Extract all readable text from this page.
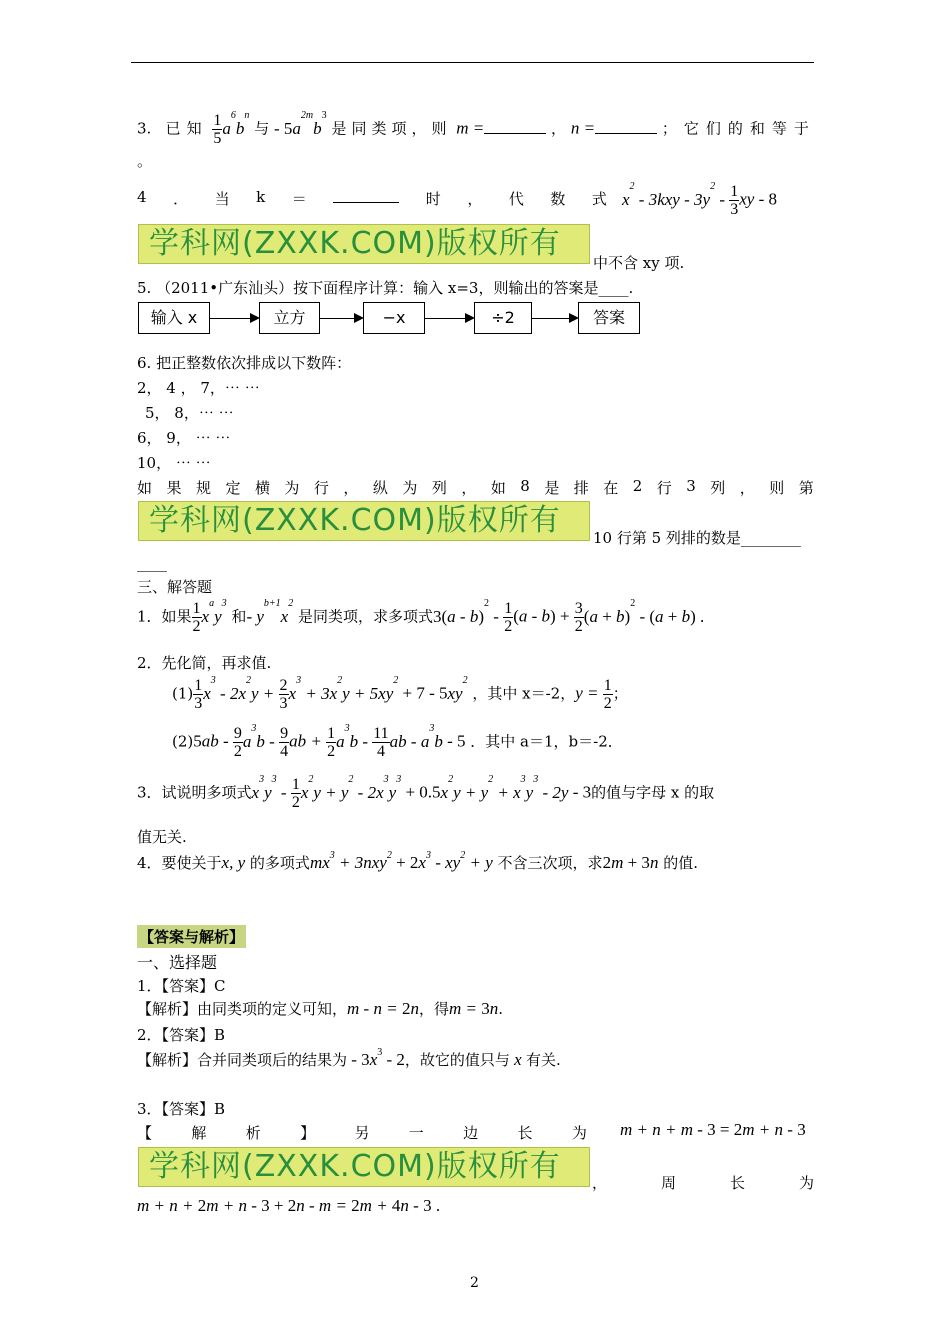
3. 已知 $\frac{1}{5} a^6b^n$ 与 - $5a^{2m}b^3$ 是同类项，则 m =	， n =	；它们的和等于
。
4 ． 当 k ＝	时 ， 代 数 式 $x^2 - 3kxy - 3y^2 - \frac{1}{3}$ xy - 8
学科网(ZXXK.COM)版权所有
中不含 xy 项.
5. （2011•广东汕头）按下面程序计算：输入 x=3，则输出的答案是____.
输入 x	立方	−x	÷2	答案
6. 把正整数依次排成以下数阵：
2， 4 ， 7，⋯ ⋯
5， 8，⋯ ⋯
6， 9， ⋯ ⋯
10， ⋯ ⋯
如 果 规 定 横 为 行 ， 纵 为 列 ， 如 8 是 排 在 2 行 3 列 ， 则 第
学科网(ZXXK.COM)版权所有	10 行第 5 列排的数是________
____
三、解答题
1．如果 $\frac{1}{2} x^ay^3$ 和- $y^{b+1}x^2$ 是同类项，求多项式$3(a - b)^2 - \frac{1}{2} (a - b) + \frac{3}{2} (a + b)^2 - (a + b)$ .
2．先化简，再求值.
$(1) \frac{1}{3} x^3 - 2x^2y + \frac{2}{3} x^3 + 3x^2y + 5xy^2 + 7 - 5xy^2$ ，其中 x＝-2，$y = \frac{1}{2}$ ；
$(2)5ab - \frac{9}{2} a^3b - \frac{9}{4}$ ab + $\frac{1}{2} a^3b - \frac{11}{4}$ ab - $a^3b - 5$ ．其中 a＝1，b＝-2．
3．试说明多项式$x^3y^3 - \frac{1}{2} x^2y + y^2 - 2x^3y^3 + 0.5x^2y + y^2 + x^3y^3 - 2y - 3$的值与字母 x 的取
值无关.
4．要使关于x, y 的多项式$mx^3 + 3nxy^2 + 2x^3 - xy^2 + y$ 不含三次项，求2m + 3n 的值.
【答案与解析】
一、选择题
1．【答案】C
【解析】由同类项的定义可知，m - n = 2n，得m = 3n.
2．【答案】B
【解析】合并同类项后的结果为 - $3x^3 - 2$，故它的值只与 x 有关.
3．【答案】B
【	解	析	】	另	一	边	长	为 m + n + m - 3 = 2m + n - 3
学科网(ZXXK.COM)版权所有	，	周	长	为
m + n + 2m + n - 3 + 2n - m = 2m + 4n - 3 .
2
